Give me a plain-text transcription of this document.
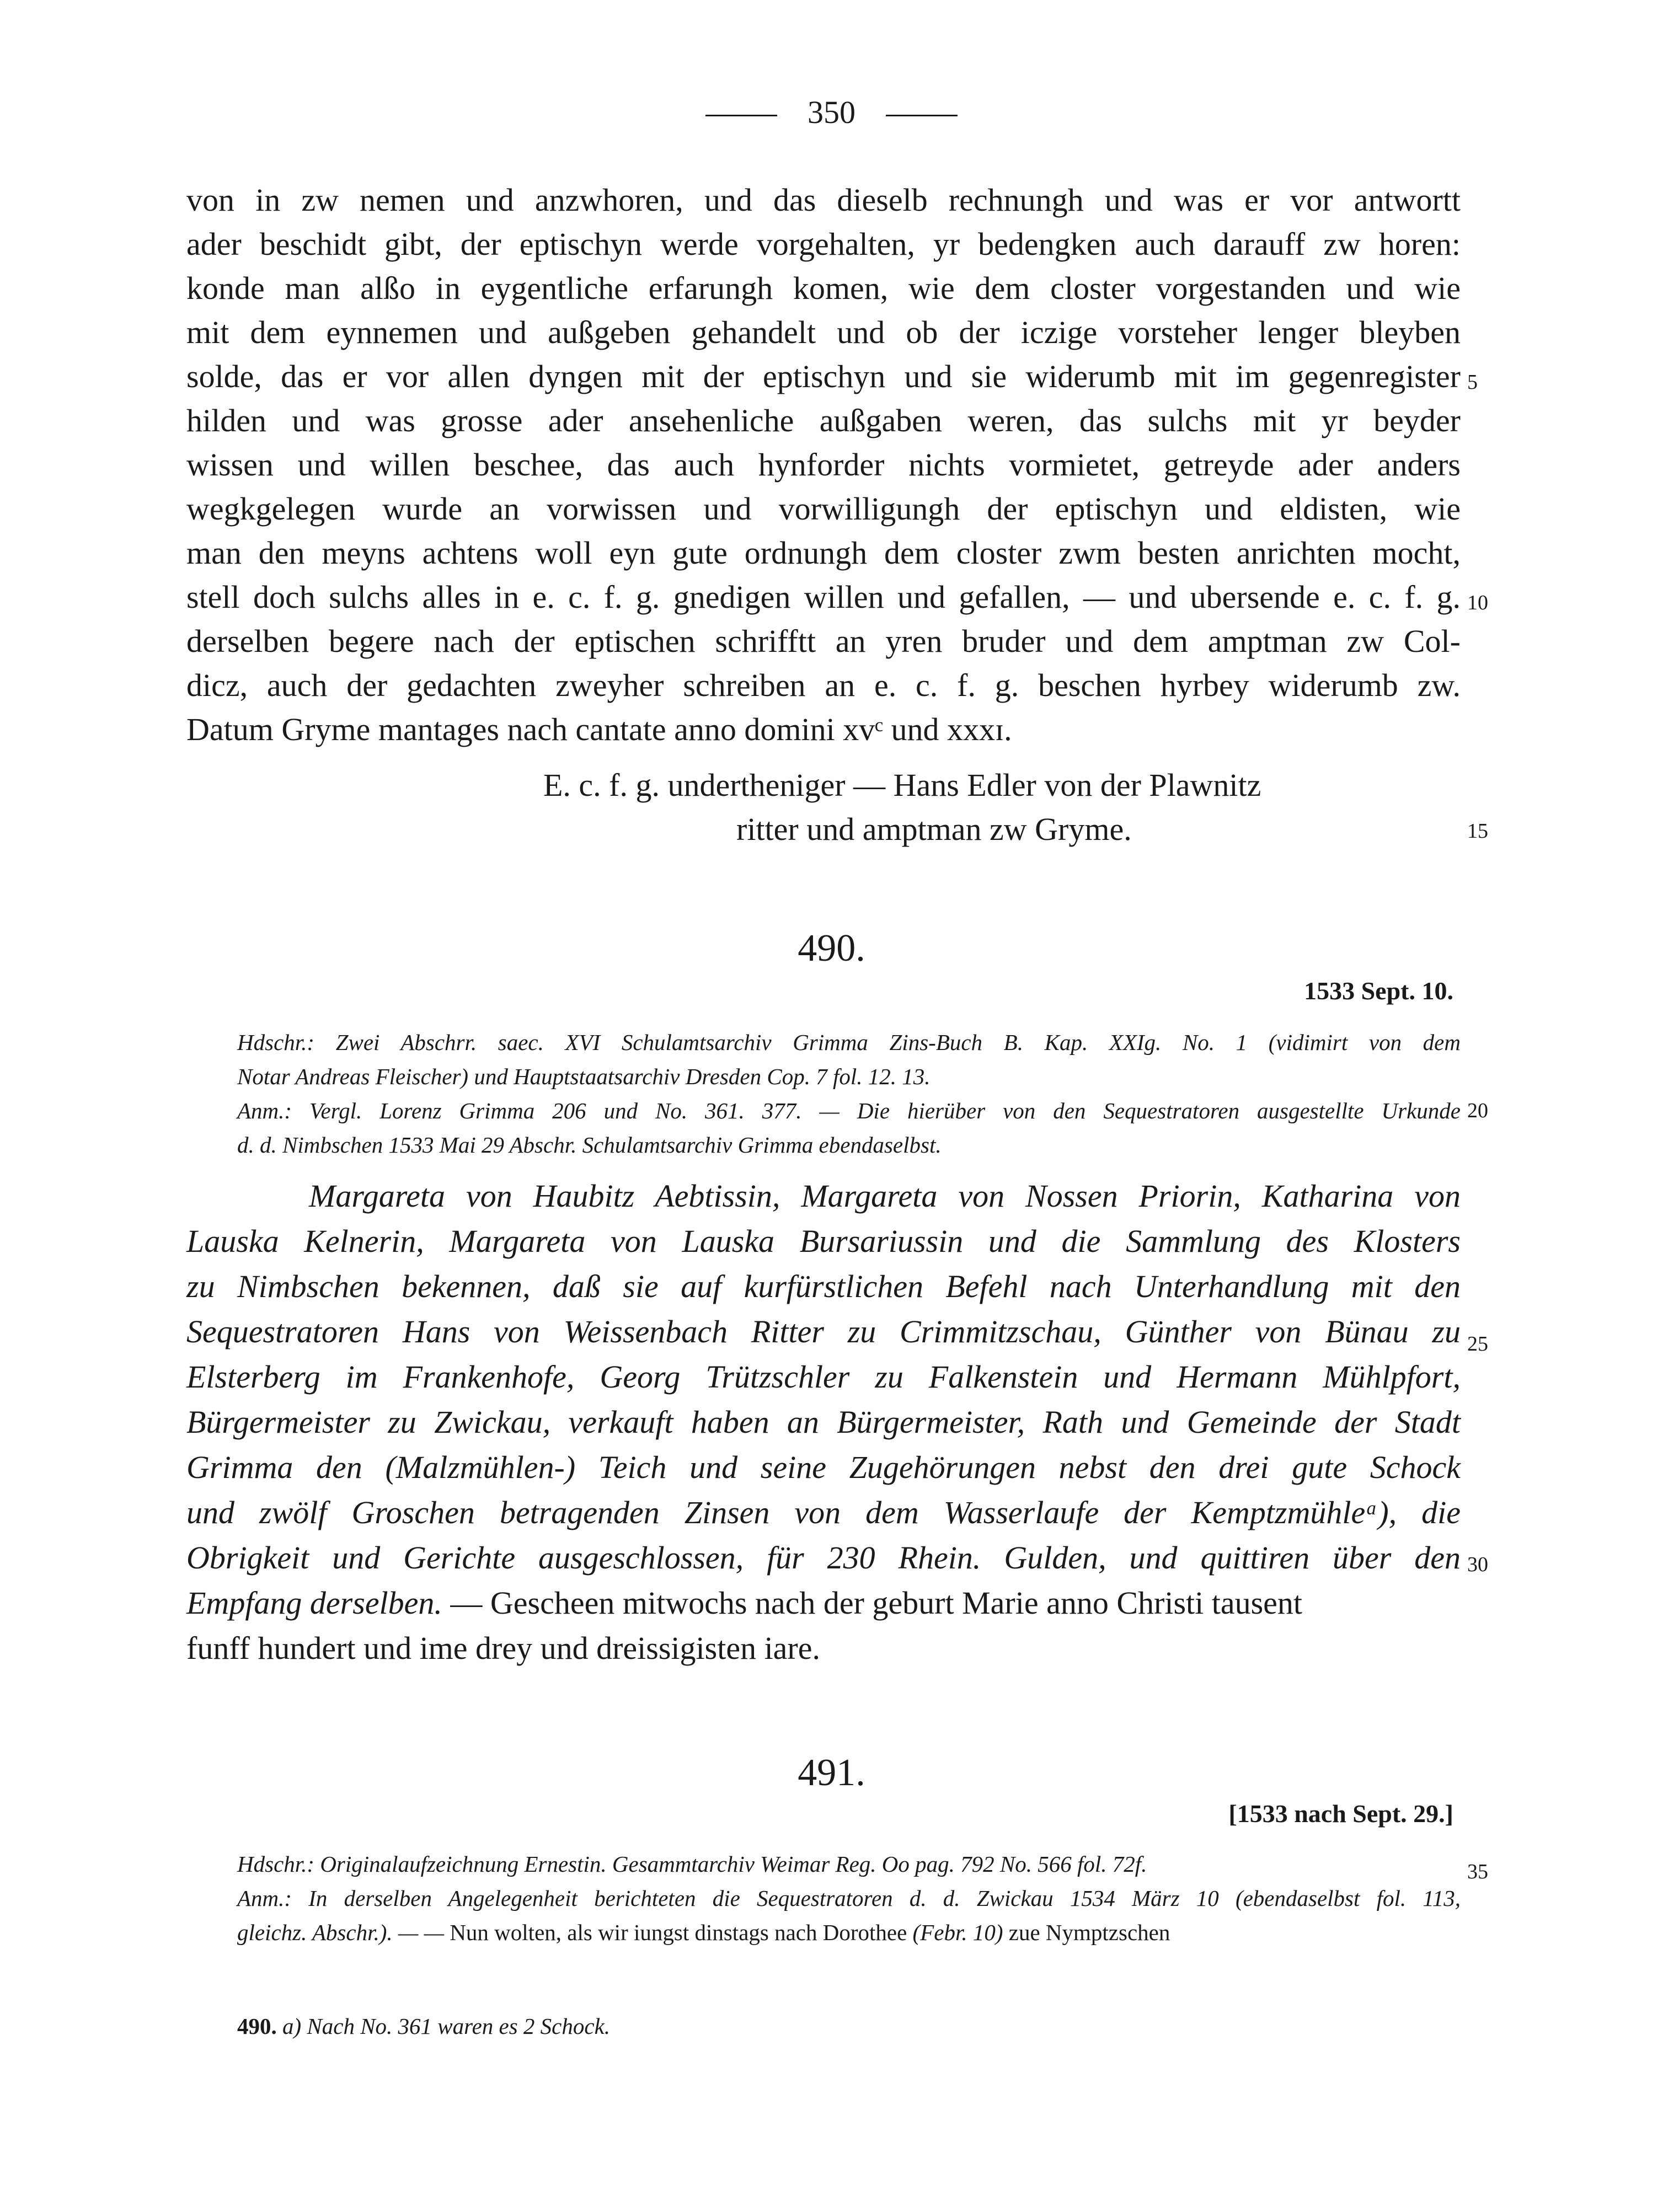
350
von in zw nemen und anzwhoren, und das dieselb rechnungh und was er vor antwortt
ader beschidt gibt, der eptischyn werde vorgehalten, yr bedengken auch darauff zw horen:
konde man alßo in eygentliche erfarungh komen, wie dem closter vorgestanden und wie
mit dem eynnemen und außgeben gehandelt und ob der iczige vorsteher lenger bleyben
solde, das er vor allen dyngen mit der eptischyn und sie widerumb mit im gegenregister
hilden und was grosse ader ansehenliche außgaben weren, das sulchs mit yr beyder
wissen und willen beschee, das auch hynforder nichts vormietet, getreyde ader anders
wegkgelegen wurde an vorwissen und vorwilligungh der eptischyn und eldisten, wie
man den meyns achtens woll eyn gute ordnungh dem closter zwm besten anrichten mocht,
stell doch sulchs alles in e. c. f. g. gnedigen willen und gefallen, — und ubersende e. c. f. g.
derselben begere nach der eptischen schrifftt an yren bruder und dem amptman zw Col-
dicz, auch der gedachten zweyher schreiben an e. c. f. g. beschen hyrbey widerumb zw.
Datum Gryme mantages nach cantate anno domini xvᶜ und xxxɪ.
E. c. f. g. undertheniger — Hans Edler von der Plawnitz
ritter und amptman zw Gryme.
5
10
15
20
25
30
35
490.
1533 Sept. 10.
Hdschr.: Zwei Abschrr. saec. XVI Schulamtsarchiv Grimma Zins-Buch B. Kap. XXIg. No. 1 (vidimirt von dem
Notar Andreas Fleischer) und Hauptstaatsarchiv Dresden Cop. 7 fol. 12. 13.
Anm.: Vergl. Lorenz Grimma 206 und No. 361. 377. — Die hierüber von den Sequestratoren ausgestellte Urkunde
d. d. Nimbschen 1533 Mai 29 Abschr. Schulamtsarchiv Grimma ebendaselbst.
Margareta von Haubitz Aebtissin, Margareta von Nossen Priorin, Katharina von
Lauska Kelnerin, Margareta von Lauska Bursariussin und die Sammlung des Klosters
zu Nimbschen bekennen, daß sie auf kurfürstlichen Befehl nach Unterhandlung mit den
Sequestratoren Hans von Weissenbach Ritter zu Crimmitzschau, Günther von Bünau zu
Elsterberg im Frankenhofe, Georg Trützschler zu Falkenstein und Hermann Mühlpfort,
Bürgermeister zu Zwickau, verkauft haben an Bürgermeister, Rath und Gemeinde der Stadt
Grimma den (Malzmühlen-) Teich und seine Zugehörungen nebst den drei gute Schock
und zwölf Groschen betragenden Zinsen von dem Wasserlaufe der Kemptzmühleᵃ), die
Obrigkeit und Gerichte ausgeschlossen, für 230 Rhein. Gulden, und quittiren über den
Empfang derselben. — Gescheen mitwochs nach der geburt Marie anno Christi tausent
funff hundert und ime drey und dreissigisten iare.
491.
[1533 nach Sept. 29.]
Hdschr.: Originalaufzeichnung Ernestin. Gesammtarchiv Weimar Reg. Oo pag. 792 No. 566 fol. 72f.
Anm.: In derselben Angelegenheit berichteten die Sequestratoren d. d. Zwickau 1534 März 10 (ebendaselbst fol. 113,
gleichz. Abschr.). — — Nun wolten, als wir iungst dinstags nach Dorothee (Febr. 10) zue Nymptzschen
490. a) Nach No. 361 waren es 2 Schock.
